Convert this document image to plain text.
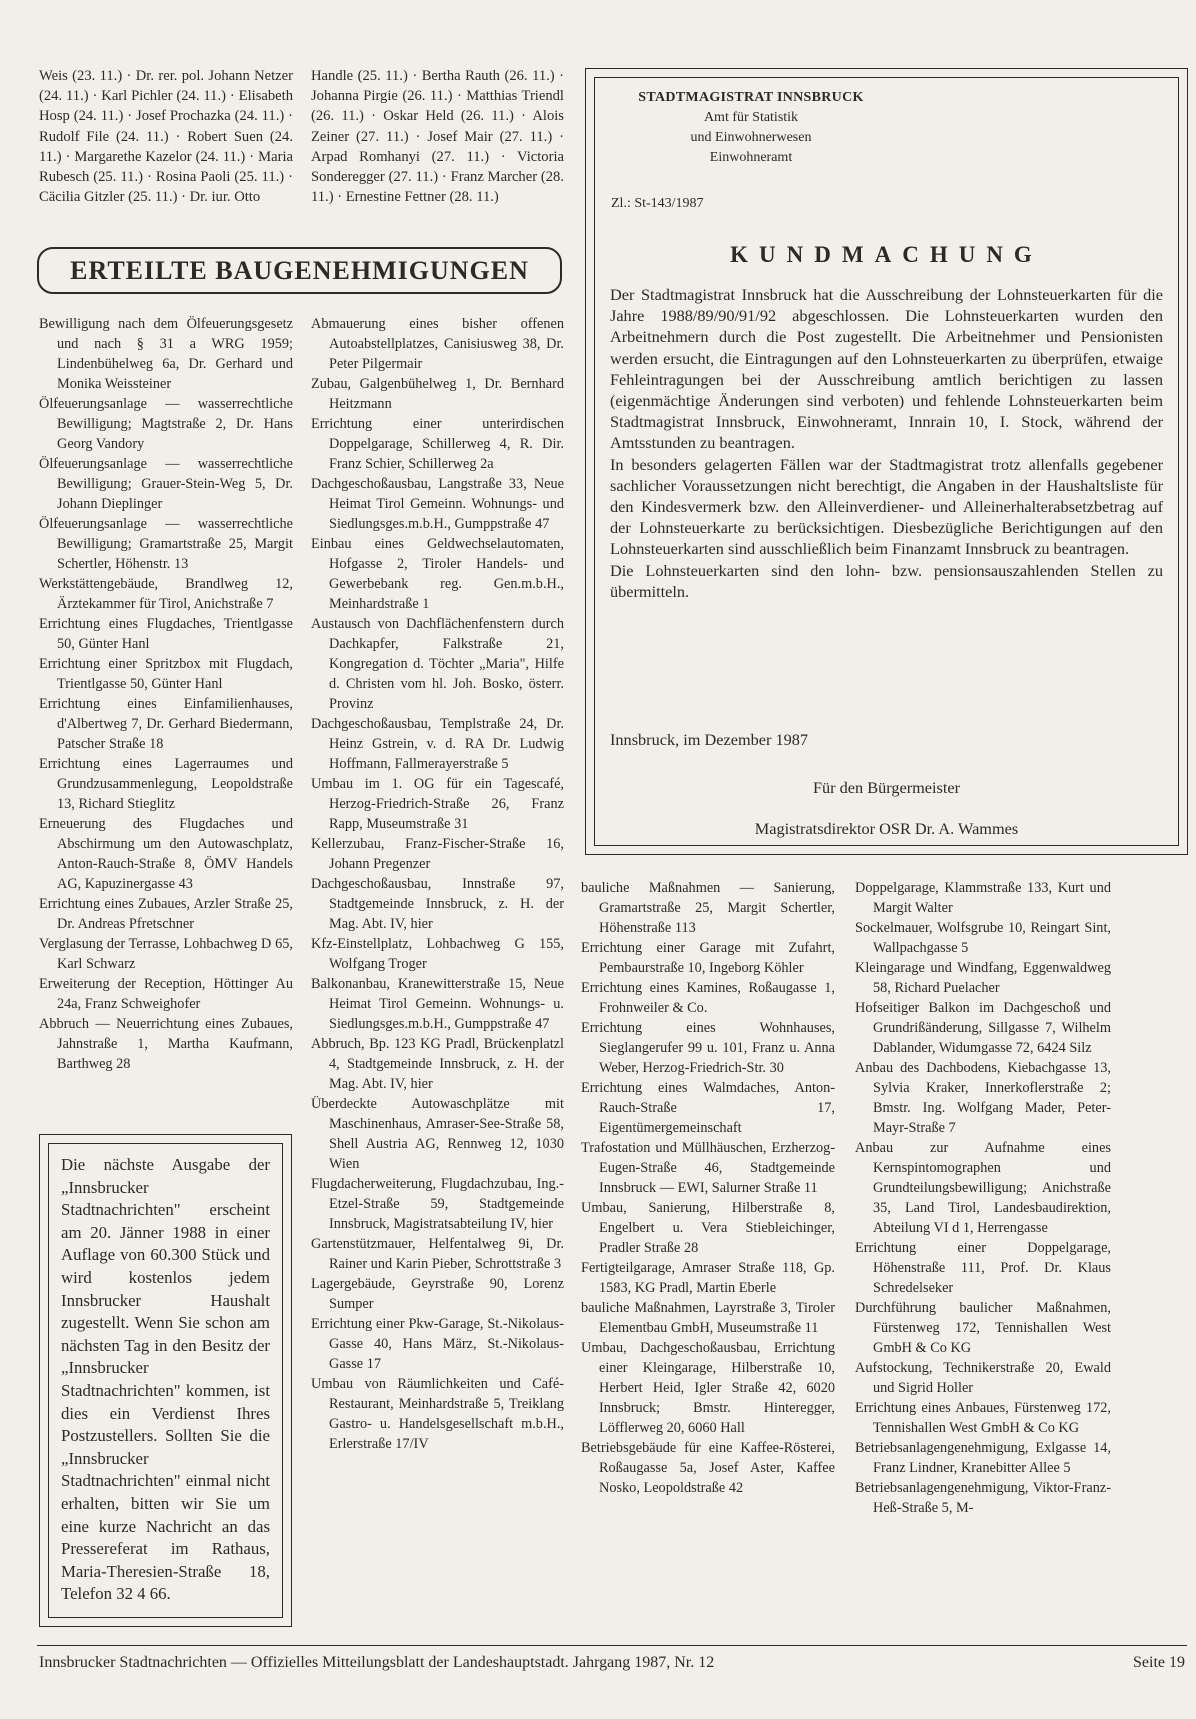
Weis (23. 11.) · Dr. rer. pol. Johann Netzer (24. 11.) · Karl Pichler (24. 11.) · Elisabeth Hosp (24. 11.) · Josef Prochazka (24. 11.) · Rudolf File (24. 11.) · Robert Suen (24. 11.) · Margarethe Kazelor (24. 11.) · Maria Rubesch (25. 11.) · Rosina Paoli (25. 11.) · Cäcilia Gitzler (25. 11.) · Dr. iur. Otto
Handle (25. 11.) · Bertha Rauth (26. 11.) · Johanna Pirgie (26. 11.) · Matthias Triendl (26. 11.) · Oskar Held (26. 11.) · Alois Zeiner (27. 11.) · Josef Mair (27. 11.) · Arpad Romhanyi (27. 11.) · Victoria Sonderegger (27. 11.) · Franz Marcher (28. 11.) · Ernestine Fettner (28. 11.)
ERTEILTE BAUGENEHMIGUNGEN

Bewilligung nach dem Ölfeuerungsgesetz und nach § 31 a WRG 1959; Lindenbühelweg 6a, Dr. Gerhard und Monika Weissteiner

Ölfeuerungsanlage — wasserrechtliche Bewilligung; Magtstraße 2, Dr. Hans Georg Vandory

Ölfeuerungsanlage — wasserrechtliche Bewilligung; Grauer-Stein-Weg 5, Dr. Johann Dieplinger

Ölfeuerungsanlage — wasserrechtliche Bewilligung; Gramartstraße 25, Margit Schertler, Höhenstr. 13

Werkstättengebäude, Brandlweg 12, Ärztekammer für Tirol, Anichstraße 7

Errichtung eines Flugdaches, Trientlgasse 50, Günter Hanl

Errichtung einer Spritzbox mit Flugdach, Trientlgasse 50, Günter Hanl

Errichtung eines Einfamilienhauses, d'Albertweg 7, Dr. Gerhard Biedermann, Patscher Straße 18

Errichtung eines Lagerraumes und Grundzusammenlegung, Leopoldstraße 13, Richard Stieglitz

Erneuerung des Flugdaches und Abschirmung um den Autowaschplatz, Anton-Rauch-Straße 8, ÖMV Handels AG, Kapuzinergasse 43

Errichtung eines Zubaues, Arzler Straße 25, Dr. Andreas Pfretschner

Verglasung der Terrasse, Lohbachweg D 65, Karl Schwarz

Erweiterung der Reception, Höttinger Au 24a, Franz Schweighofer

Abbruch — Neuerrichtung eines Zubaues, Jahnstraße 1, Martha Kaufmann, Barthweg 28

Abmauerung eines bisher offenen Autoabstellplatzes, Canisiusweg 38, Dr. Peter Pilgermair

Zubau, Galgenbühelweg 1, Dr. Bernhard Heitzmann

Errichtung einer unterirdischen Doppelgarage, Schillerweg 4, R. Dir. Franz Schier, Schillerweg 2a

Dachgeschoßausbau, Langstraße 33, Neue Heimat Tirol Gemeinn. Wohnungs- und Siedlungsges.m.b.H., Gumppstraße 47

Einbau eines Geldwechselautomaten, Hofgasse 2, Tiroler Handels- und Gewerbebank reg. Gen.m.b.H., Meinhardstraße 1

Austausch von Dachflächenfenstern durch Dachkapfer, Falkstraße 21, Kongregation d. Töchter „Maria", Hilfe d. Christen vom hl. Joh. Bosko, österr. Provinz

Dachgeschoßausbau, Templstraße 24, Dr. Heinz Gstrein, v. d. RA Dr. Ludwig Hoffmann, Fallmerayerstraße 5

Umbau im 1. OG für ein Tagescafé, Herzog-Friedrich-Straße 26, Franz Rapp, Museumstraße 31

Kellerzubau, Franz-Fischer-Straße 16, Johann Pregenzer

Dachgeschoßausbau, Innstraße 97, Stadtgemeinde Innsbruck, z. H. der Mag. Abt. IV, hier

Kfz-Einstellplatz, Lohbachweg G 155, Wolfgang Troger

Balkonanbau, Kranewitterstraße 15, Neue Heimat Tirol Gemeinn. Wohnungs- u. Siedlungsges.m.b.H., Gumppstraße 47

Abbruch, Bp. 123 KG Pradl, Brückenplatzl 4, Stadtgemeinde Innsbruck, z. H. der Mag. Abt. IV, hier

Überdeckte Autowaschplätze mit Maschinenhaus, Amraser-See-Straße 58, Shell Austria AG, Rennweg 12, 1030 Wien

Flugdacherweiterung, Flugdachzubau, Ing.-Etzel-Straße 59, Stadtgemeinde Innsbruck, Magistratsabteilung IV, hier

Gartenstützmauer, Helfentalweg 9i, Dr. Rainer und Karin Pieber, Schrottstraße 3

Lagergebäude, Geyrstraße 90, Lorenz Sumper

Errichtung einer Pkw-Garage, St.-Nikolaus-Gasse 40, Hans März, St.-Nikolaus-Gasse 17

Umbau von Räumlichkeiten und Café-Restaurant, Meinhardstraße 5, Treiklang Gastro- u. Handelsgesellschaft m.b.H., Erlerstraße 17/IV

Die nächste Ausgabe der „Innsbrucker Stadtnachrichten" erscheint am 20. Jänner 1988 in einer Auflage von 60.300 Stück und wird kostenlos jedem Innsbrucker Haushalt zugestellt. Wenn Sie schon am nächsten Tag in den Besitz der „Innsbrucker Stadtnachrichten" kommen, ist dies ein Verdienst Ihres Postzustellers. Sollten Sie die „Innsbrucker Stadtnachrichten" einmal nicht erhalten, bitten wir Sie um eine kurze Nachricht an das Pressereferat im Rathaus, Maria-Theresien-Straße 18, Telefon 32 4 66.
STADTMAGISTRAT INNSBRUCK
Amt für Statistik
und Einwohnerwesen
Einwohneramt
Zl.: St-143/1987
KUNDMACHUNG

Der Stadtmagistrat Innsbruck hat die Ausschreibung der Lohnsteuerkarten für die Jahre 1988/89/90/91/92 abgeschlossen. Die Lohnsteuerkarten wurden den Arbeitnehmern durch die Post zugestellt. Die Arbeitnehmer und Pensionisten werden ersucht, die Eintragungen auf den Lohnsteuerkarten zu überprüfen, etwaige Fehleintragungen bei der Ausschreibung amtlich berichtigen zu lassen (eigenmächtige Änderungen sind verboten) und fehlende Lohnsteuerkarten beim Stadtmagistrat Innsbruck, Einwohneramt, Innrain 10, I. Stock, während der Amtsstunden zu beantragen.

In besonders gelagerten Fällen war der Stadtmagistrat trotz allenfalls gegebener sachlicher Voraussetzungen nicht berechtigt, die Angaben in der Haushaltsliste für den Kindesvermerk bzw. den Alleinverdiener- und Alleinerhalterabsetzbetrag auf der Lohnsteuerkarte zu berücksichtigen. Diesbezügliche Berichtigungen auf den Lohnsteuerkarten sind ausschließlich beim Finanzamt Innsbruck zu beantragen.

Die Lohnsteuerkarten sind den lohn- bzw. pensionsauszahlenden Stellen zu übermitteln.

Innsbruck, im Dezember 1987
Für den Bürgermeister
Magistratsdirektor OSR Dr. A. Wammes

bauliche Maßnahmen — Sanierung, Gramartstraße 25, Margit Schertler, Höhenstraße 113

Errichtung einer Garage mit Zufahrt, Pembaurstraße 10, Ingeborg Köhler

Errichtung eines Kamines, Roßaugasse 1, Frohnweiler & Co.

Errichtung eines Wohnhauses, Sieglangerufer 99 u. 101, Franz u. Anna Weber, Herzog-Friedrich-Str. 30

Errichtung eines Walmdaches, Anton-Rauch-Straße 17, Eigentümergemeinschaft

Trafostation und Müllhäuschen, Erzherzog-Eugen-Straße 46, Stadtgemeinde Innsbruck — EWI, Salurner Straße 11

Umbau, Sanierung, Hilberstraße 8, Engelbert u. Vera Stiebleichinger, Pradler Straße 28

Fertigteilgarage, Amraser Straße 118, Gp. 1583, KG Pradl, Martin Eberle

bauliche Maßnahmen, Layrstraße 3, Tiroler Elementbau GmbH, Museumstraße 11

Umbau, Dachgeschoßausbau, Errichtung einer Kleingarage, Hilberstraße 10, Herbert Heid, Igler Straße 42, 6020 Innsbruck; Bmstr. Hinteregger, Löfflerweg 20, 6060 Hall

Betriebsgebäude für eine Kaffee-Rösterei, Roßaugasse 5a, Josef Aster, Kaffee Nosko, Leopoldstraße 42

Doppelgarage, Klammstraße 133, Kurt und Margit Walter

Sockelmauer, Wolfsgrube 10, Reingart Sint, Wallpachgasse 5

Kleingarage und Windfang, Eggenwaldweg 58, Richard Puelacher

Hofseitiger Balkon im Dachgeschoß und Grundrißänderung, Sillgasse 7, Wilhelm Dablander, Widumgasse 72, 6424 Silz

Anbau des Dachbodens, Kiebachgasse 13, Sylvia Kraker, Innerkoflerstraße 2; Bmstr. Ing. Wolfgang Mader, Peter-Mayr-Straße 7

Anbau zur Aufnahme eines Kernspintomographen und Grundteilungsbewilligung; Anichstraße 35, Land Tirol, Landesbaudirektion, Abteilung VI d 1, Herrengasse

Errichtung einer Doppelgarage, Höhenstraße 111, Prof. Dr. Klaus Schredelseker

Durchführung baulicher Maßnahmen, Fürstenweg 172, Tennishallen West GmbH & Co KG

Aufstockung, Technikerstraße 20, Ewald und Sigrid Holler

Errichtung eines Anbaues, Fürstenweg 172, Tennishallen West GmbH & Co KG

Betriebsanlagengenehmigung, Exlgasse 14, Franz Lindner, Kranebitter Allee 5

Betriebsanlagengenehmigung, Viktor-Franz-Heß-Straße 5, M-

Innsbrucker Stadtnachrichten — Offizielles Mitteilungsblatt der Landeshauptstadt. Jahrgang 1987, Nr. 12	Seite 19
